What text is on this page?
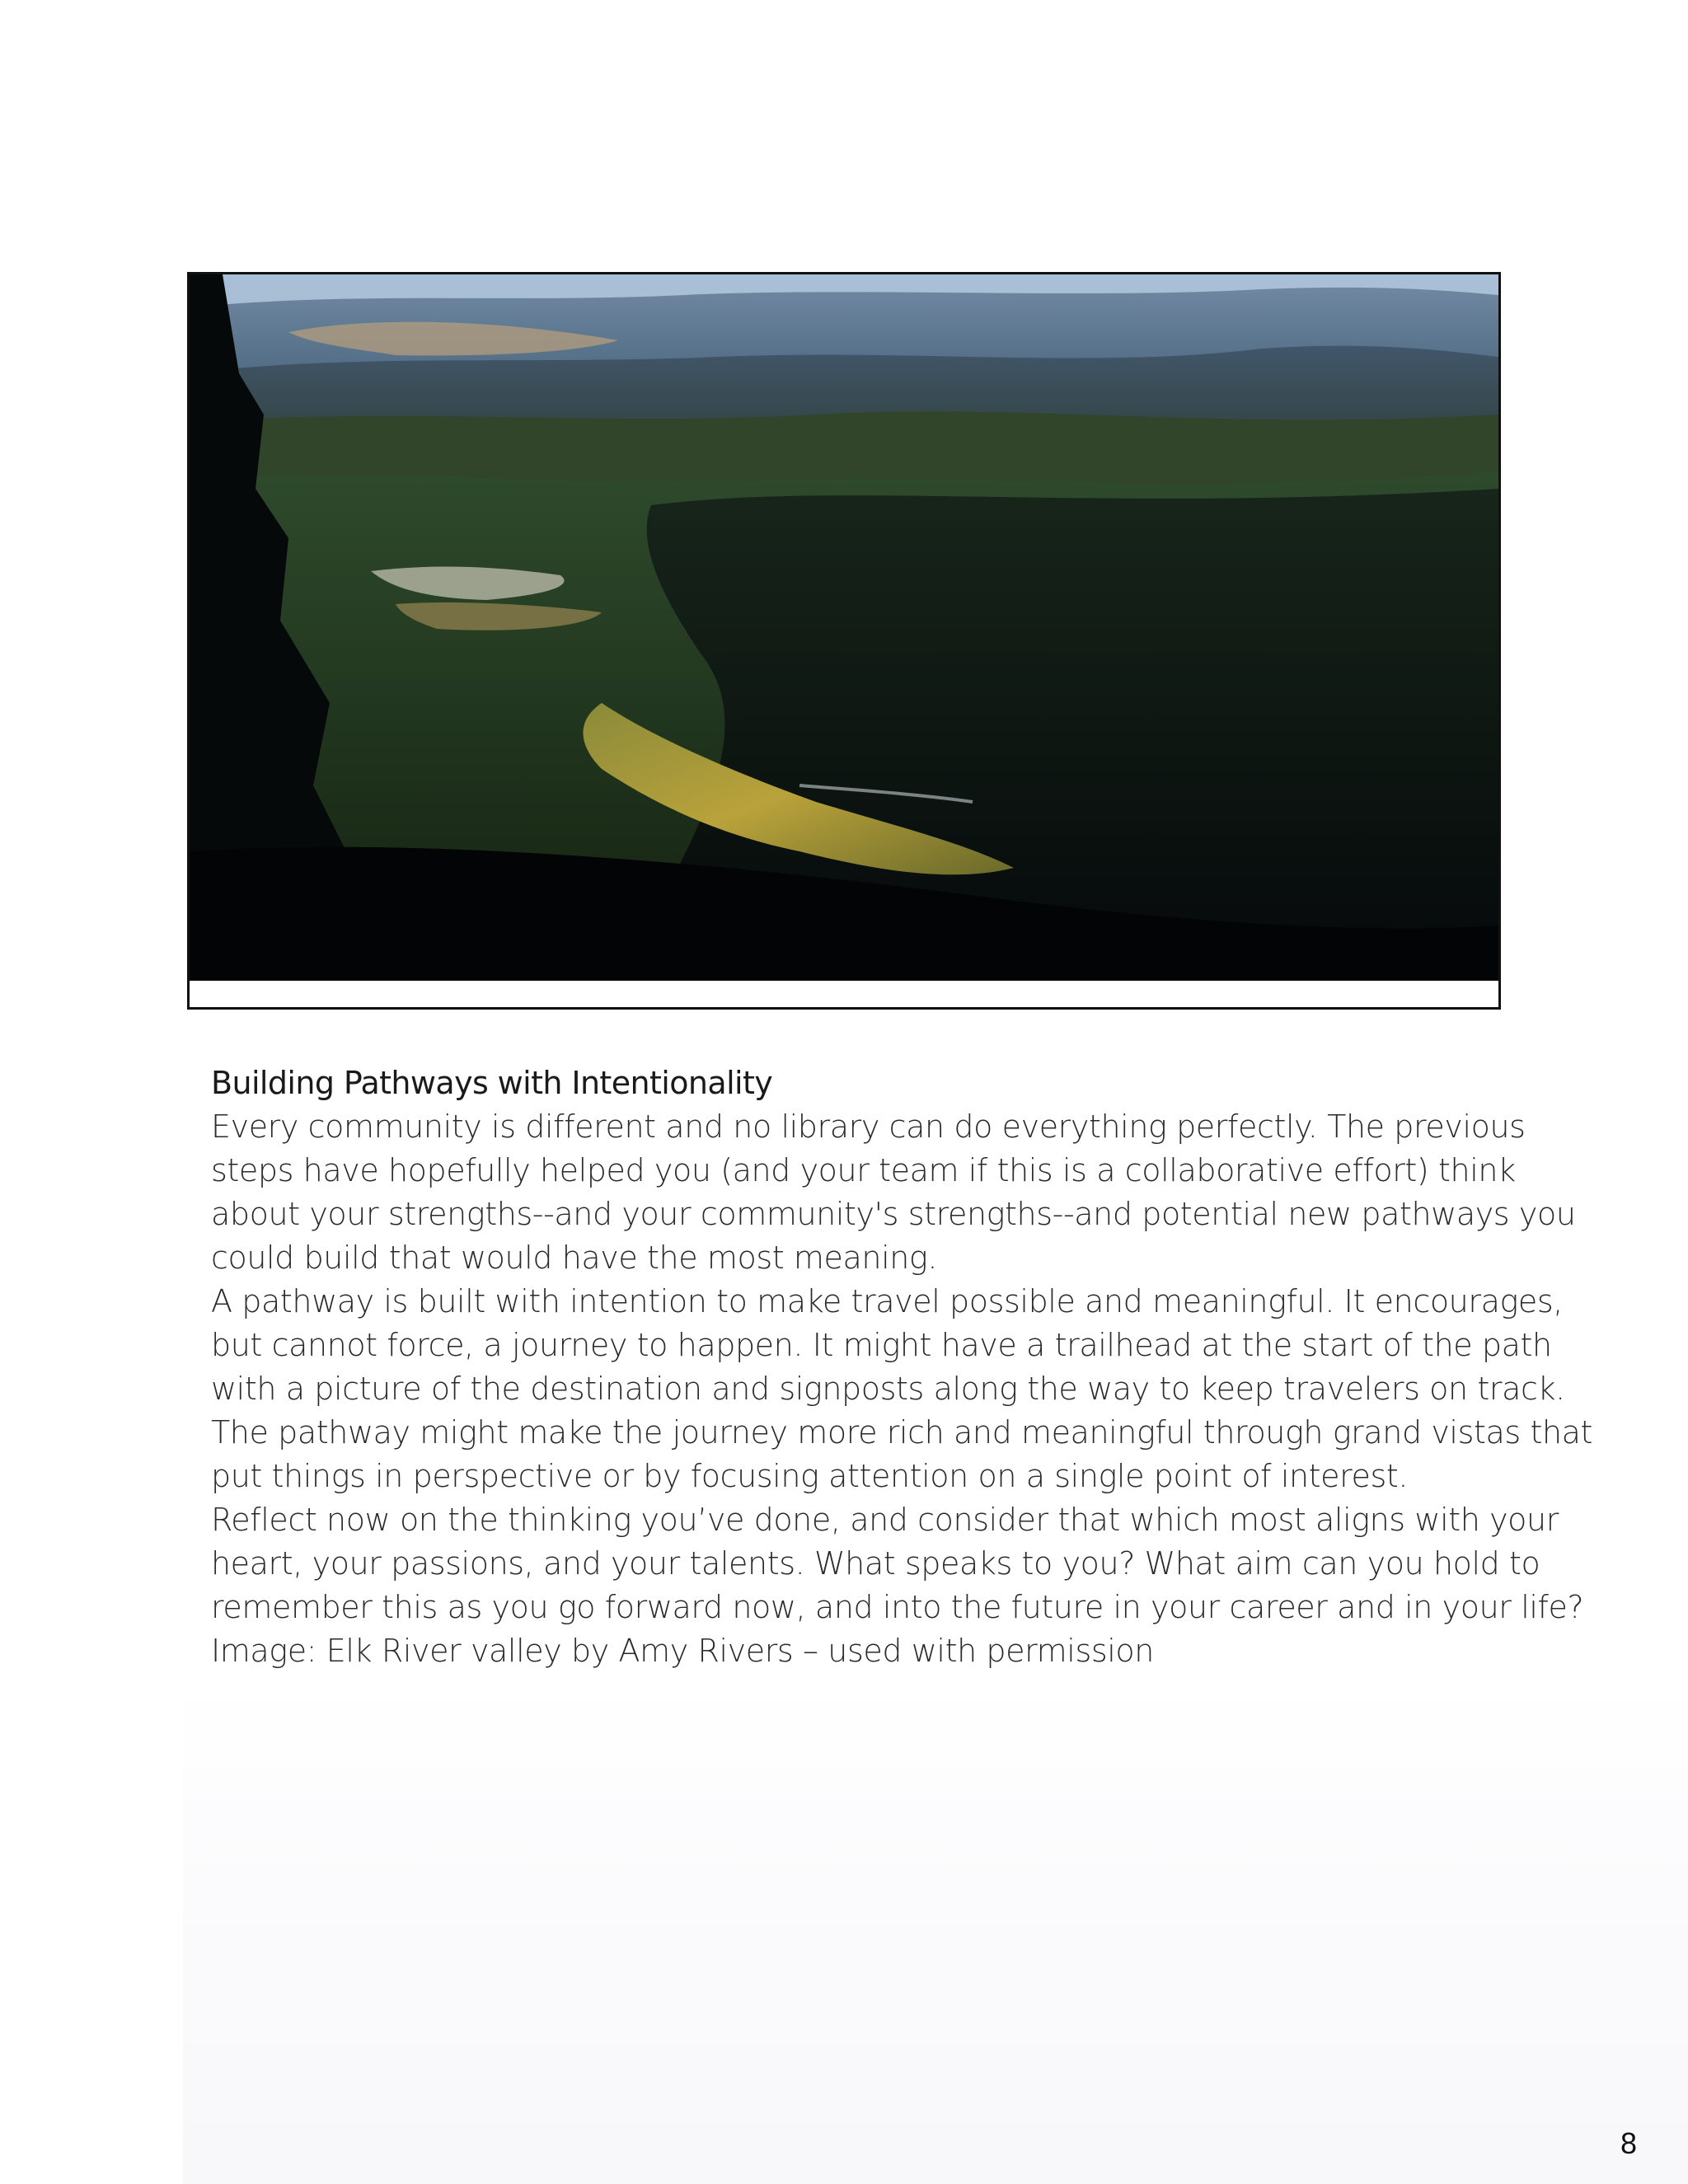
Building Pathways with Intentionality

Every community is different and no library can do everything perfectly. The previous

steps have hopefully helped you (and your team if this is a collaborative effort) think

about your strengths--and your community's strengths--and potential new pathways you

could build that would have the most meaning.

A pathway is built with intention to make travel possible and meaningful. It encourages,

but cannot force, a journey to happen. It might have a trailhead at the start of the path

with a picture of the destination and signposts along the way to keep travelers on track.

The pathway might make the journey more rich and meaningful through grand vistas that

put things in perspective or by focusing attention on a single point of interest.

Reflect now on the thinking you’ve done, and consider that which most aligns with your

heart, your passions, and your talents. What speaks to you? What aim can you hold to

remember this as you go forward now, and into the future in your career and in your life?

Image: Elk River valley by Amy Rivers – used with permission

8
